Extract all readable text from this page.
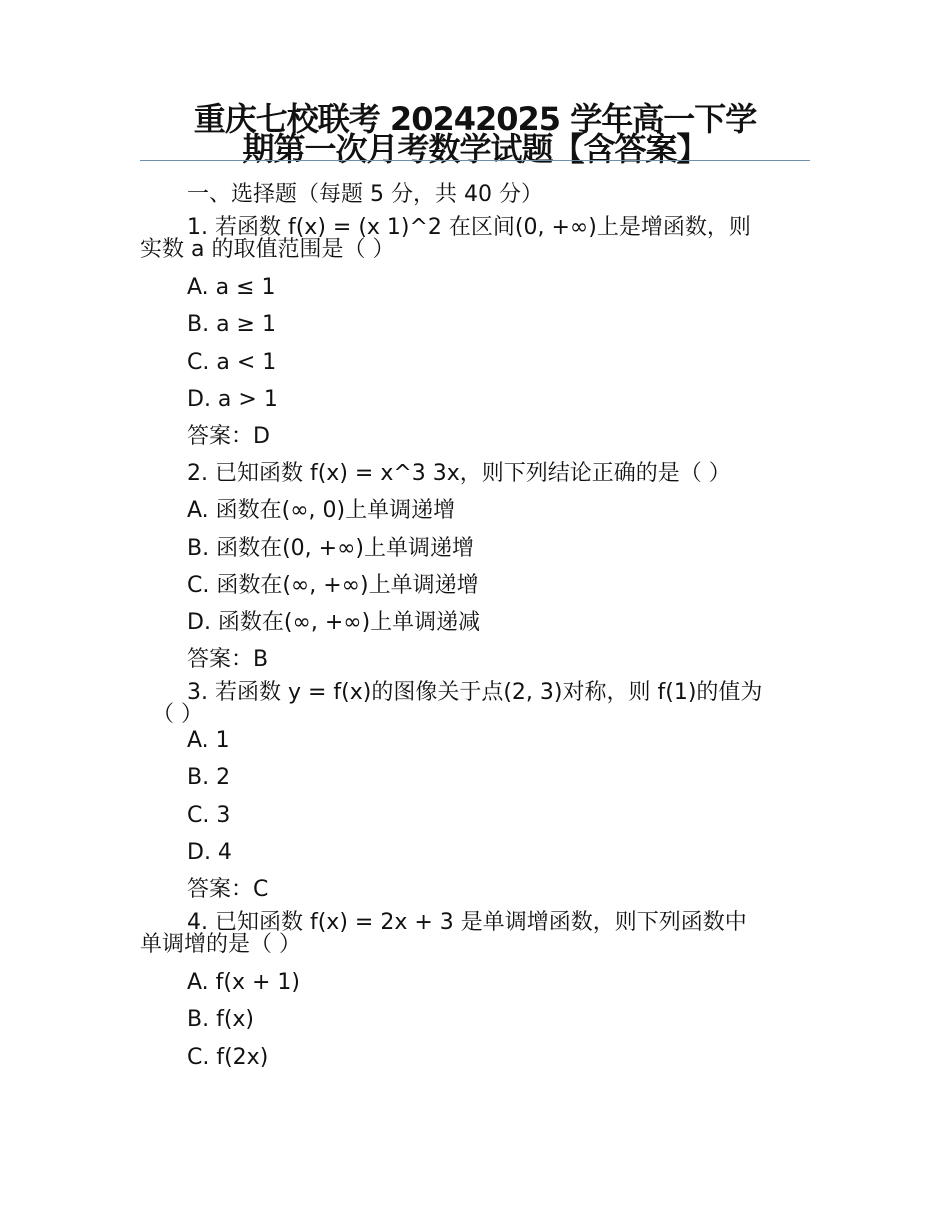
重庆七校联考 20242025 学年高一下学
期第一次月考数学试题【含答案】
一、选择题（每题 5 分，共 40 分）
1. 若函数 f(x) = (x 1)^2 在区间(0, +∞)上是增函数，则
实数 a 的取值范围是（ ）
A. a ≤ 1
B. a ≥ 1
C. a < 1
D. a > 1
答案：D
2. 已知函数 f(x) = x^3 3x，则下列结论正确的是（ ）
A. 函数在(∞, 0)上单调递增
B. 函数在(0, +∞)上单调递增
C. 函数在(∞, +∞)上单调递增
D. 函数在(∞, +∞)上单调递减
答案：B
3. 若函数 y = f(x)的图像关于点(2, 3)对称，则 f(1)的值为
（ ）
A. 1
B. 2
C. 3
D. 4
答案：C
4. 已知函数 f(x) = 2x + 3 是单调增函数，则下列函数中
单调增的是（ ）
A. f(x + 1)
B. f(x)
C. f(2x)
